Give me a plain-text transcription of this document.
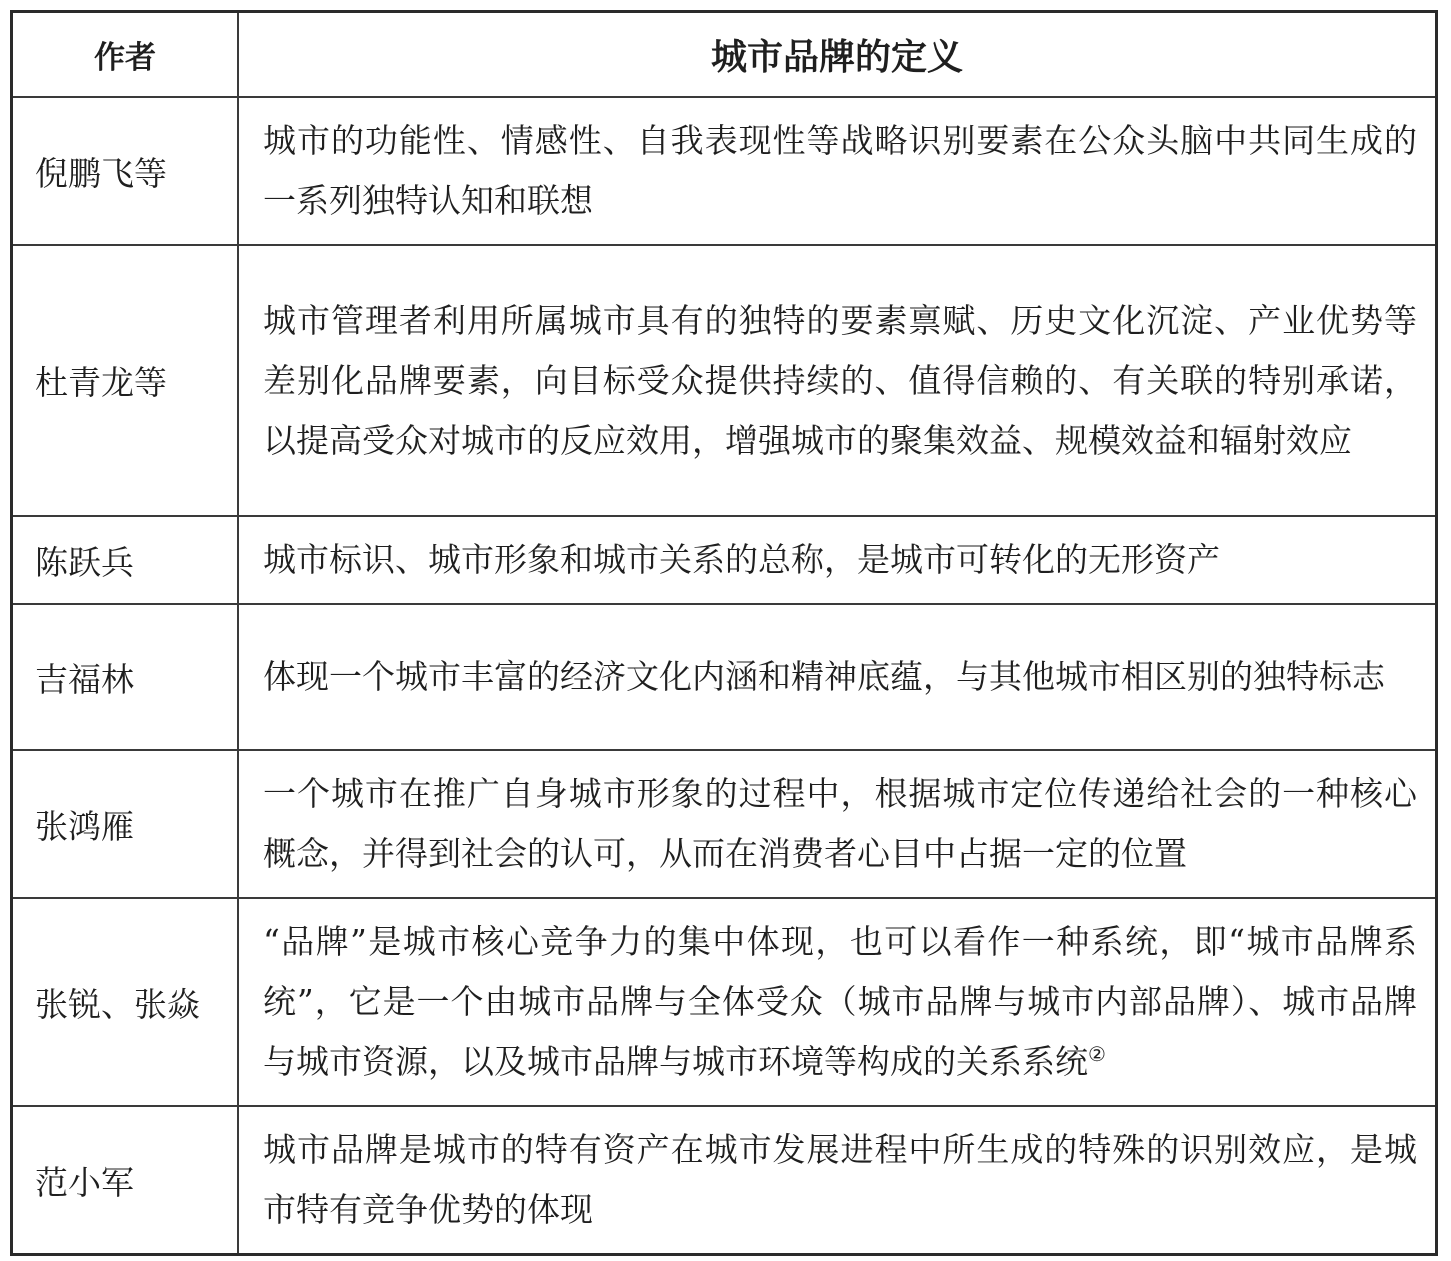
作者	城市品牌的定义
倪鹏飞等	城市的功能性、情感性、自我表现性等战略识别要素在公众头脑中共同生成的一系列独特认知和联想
杜青龙等	城市管理者利用所属城市具有的独特的要素禀赋、历史文化沉淀、产业优势等差别化品牌要素，向目标受众提供持续的、值得信赖的、有关联的特别承诺，以提高受众对城市的反应效用，增强城市的聚集效益、规模效益和辐射效应
陈跃兵	城市标识、城市形象和城市关系的总称，是城市可转化的无形资产
吉福林	体现一个城市丰富的经济文化内涵和精神底蕴，与其他城市相区别的独特标志
张鸿雁	一个城市在推广自身城市形象的过程中，根据城市定位传递给社会的一种核心概念，并得到社会的认可，从而在消费者心目中占据一定的位置
张锐、张焱	“品牌”是城市核心竞争力的集中体现，也可以看作一种系统，即“城市品牌系统”，它是一个由城市品牌与全体受众（城市品牌与城市内部品牌）、城市品牌与城市资源，以及城市品牌与城市环境等构成的关系系统②
范小军	城市品牌是城市的特有资产在城市发展进程中所生成的特殊的识别效应，是城市特有竞争优势的体现
